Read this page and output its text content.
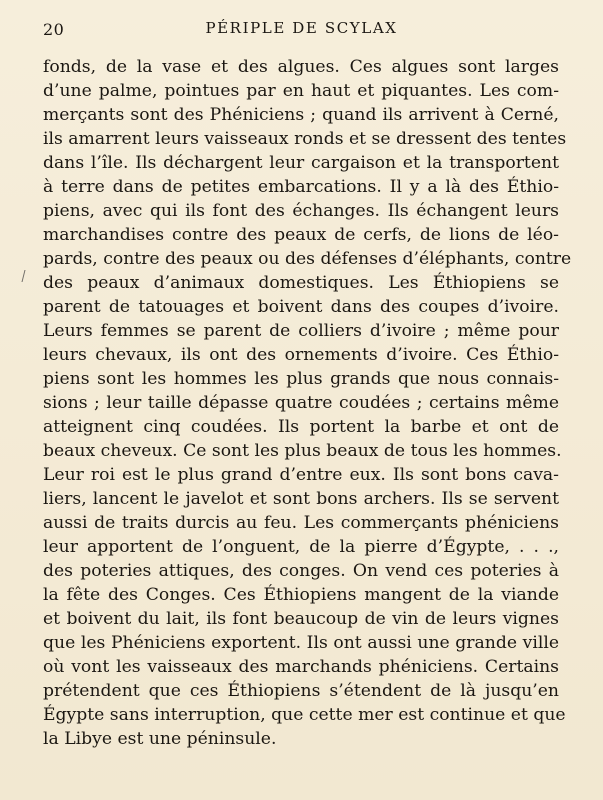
20	PÉRIPLE DE SCYLAX
fonds, de la vase et des algues. Ces algues sont larges
d’une palme, pointues par en haut et piquantes. Les com-
merçants sont des Phéniciens ; quand ils arrivent à Cerné,
ils amarrent leurs vaisseaux ronds et se dressent des tentes
dans l’île. Ils déchargent leur cargaison et la transportent
à terre dans de petites embarcations. Il y a là des Éthio-
piens, avec qui ils font des échanges. Ils échangent leurs
marchandises contre des peaux de cerfs, de lions de léo-
pards, contre des peaux ou des défenses d’éléphants, contre
des peaux d’animaux domestiques. Les Éthiopiens se
parent de tatouages et boivent dans des coupes d’ivoire.
Leurs femmes se parent de colliers d’ivoire ; même pour
leurs chevaux, ils ont des ornements d’ivoire. Ces Éthio-
piens sont les hommes les plus grands que nous connais-
sions ; leur taille dépasse quatre coudées ; certains même
atteignent cinq coudées. Ils portent la barbe et ont de
beaux cheveux. Ce sont les plus beaux de tous les hommes.
Leur roi est le plus grand d’entre eux. Ils sont bons cava-
liers, lancent le javelot et sont bons archers. Ils se servent
aussi de traits durcis au feu. Les commerçants phéniciens
leur apportent de l’onguent, de la pierre d’Égypte, . . .,
des poteries attiques, des conges. On vend ces poteries à
la fête des Conges. Ces Éthiopiens mangent de la viande
et boivent du lait, ils font beaucoup de vin de leurs vignes
que les Phéniciens exportent. Ils ont aussi une grande ville
où vont les vaisseaux des marchands phéniciens. Certains
prétendent que ces Éthiopiens s’étendent de là jusqu’en
Égypte sans interruption, que cette mer est continue et que
la Libye est une péninsule.
